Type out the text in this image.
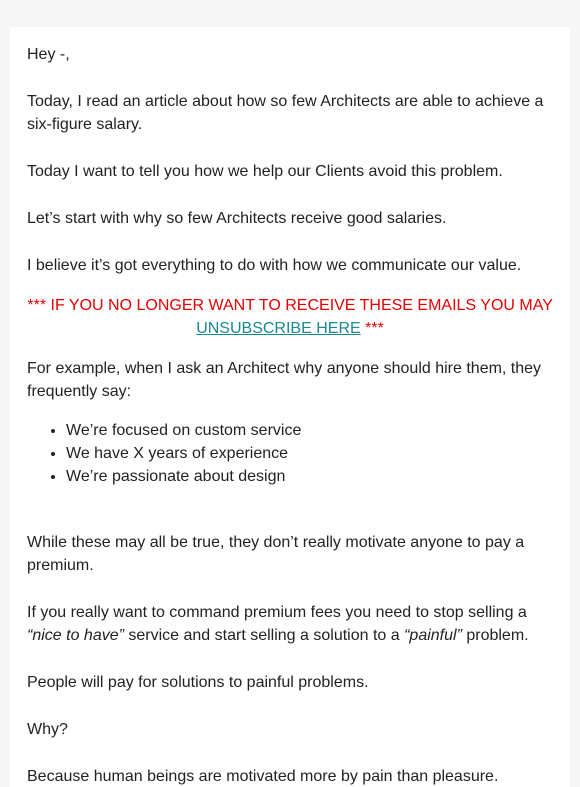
Hey -,

Today, I read an article about how so few Architects are able to achieve a six-figure salary.

Today I want to tell you how we help our Clients avoid this problem.

Let’s start with why so few Architects receive good salaries.

I believe it’s got everything to do with how we communicate our value.

*** IF YOU NO LONGER WANT TO RECEIVE THESE EMAILS YOU MAY UNSUBSCRIBE HERE ***

For example, when I ask an Architect why anyone should hire them, they frequently say:

• We’re focused on custom service
• We have X years of experience
• We’re passionate about design

While these may all be true, they don’t really motivate anyone to pay a premium.

If you really want to command premium fees you need to stop selling a “nice to have” service and start selling a solution to a “painful” problem.

People will pay for solutions to painful problems.

Why?

Because human beings are motivated more by pain than pleasure.
